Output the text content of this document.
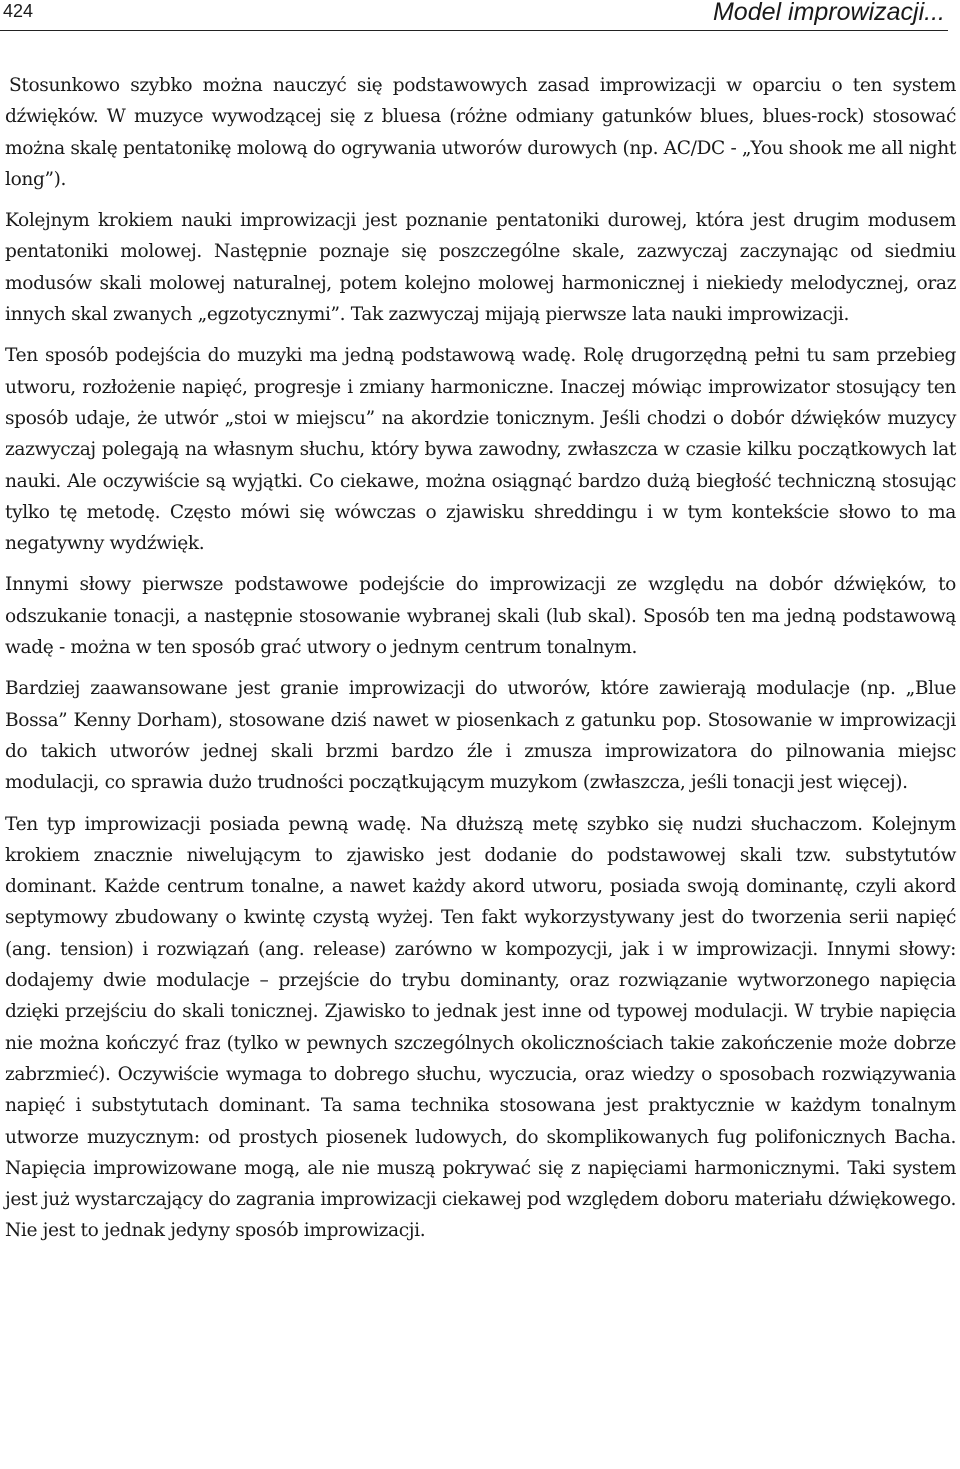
424	Model improwizacji...

Stosunkowo szybko można nauczyć się podstawowych zasad improwizacji w oparciu o ten system dźwięków. W muzyce wywodzącej się z bluesa (różne odmiany gatunków blues, blues-rock) stosować można skalę pentatonikę molową do ogrywania utworów durowych (np. AC/DC - „You shook me all night long”).

Kolejnym krokiem nauki improwizacji jest poznanie pentatoniki durowej, która jest drugim modusem pentatoniki molowej. Następnie poznaje się poszczególne skale, zazwyczaj zaczynając od siedmiu modusów skali molowej naturalnej, potem kolejno molowej harmonicznej i niekiedy melodycznej, oraz innych skal zwanych „egzotycznymi”. Tak zazwyczaj mijają pierwsze lata nauki improwizacji.

Ten sposób podejścia do muzyki ma jedną podstawową wadę. Rolę drugorzędną pełni tu sam przebieg utworu, rozłożenie napięć, progresje i zmiany harmoniczne. Inaczej mówiąc improwizator stosujący ten sposób udaje, że utwór „stoi w miejscu” na akordzie tonicznym. Jeśli chodzi o dobór dźwięków muzycy zazwyczaj polegają na własnym słuchu, który bywa zawodny, zwłaszcza w czasie kilku początkowych lat nauki. Ale oczywiście są wyjątki. Co ciekawe, można osiągnąć bardzo dużą biegłość techniczną stosując tylko tę metodę. Często mówi się wówczas o zjawisku shreddingu i w tym kontekście słowo to ma negatywny wydźwięk.

Innymi słowy pierwsze podstawowe podejście do improwizacji ze względu na dobór dźwięków, to odszukanie tonacji, a następnie stosowanie wybranej skali (lub skal). Sposób ten ma jedną podstawową wadę - można w ten sposób grać utwory o jednym centrum tonalnym.

Bardziej zaawansowane jest granie improwizacji do utworów, które zawierają modulacje (np. „Blue Bossa” Kenny Dorham), stosowane dziś nawet w piosenkach z gatunku pop. Stosowanie w improwizacji do takich utworów jednej skali brzmi bardzo źle i zmusza improwizatora do pilnowania miejsc modulacji, co sprawia dużo trudności początkującym muzykom (zwłaszcza, jeśli tonacji jest więcej).

Ten typ improwizacji posiada pewną wadę. Na dłuższą metę szybko się nudzi słuchaczom. Kolejnym krokiem znacznie niwelującym to zjawisko jest dodanie do podstawowej skali tzw. substytutów dominant. Każde centrum tonalne, a nawet każdy akord utworu, posiada swoją dominantę, czyli akord septymowy zbudowany o kwintę czystą wyżej. Ten fakt wykorzystywany jest do tworzenia serii napięć (ang. tension) i rozwiązań (ang. release) zarówno w kompozycji, jak i w improwizacji. Innymi słowy: dodajemy dwie modulacje – przejście do trybu dominanty, oraz rozwiązanie wytworzonego napięcia dzięki przejściu do skali tonicznej. Zjawisko to jednak jest inne od typowej modulacji. W trybie napięcia nie można kończyć fraz (tylko w pewnych szczególnych okolicznościach takie zakończenie może dobrze zabrzmieć). Oczywiście wymaga to dobrego słuchu, wyczucia, oraz wiedzy o sposobach rozwiązywania napięć i substytutach dominant. Ta sama technika stosowana jest praktycznie w każdym tonalnym utworze muzycznym: od prostych piosenek ludowych, do skomplikowanych fug polifonicznych Bacha. Napięcia improwizowane mogą, ale nie muszą pokrywać się z napięciami harmonicznymi. Taki system jest już wystarczający do zagrania improwizacji ciekawej pod względem doboru materiału dźwiękowego. Nie jest to jednak jedyny sposób improwizacji.
